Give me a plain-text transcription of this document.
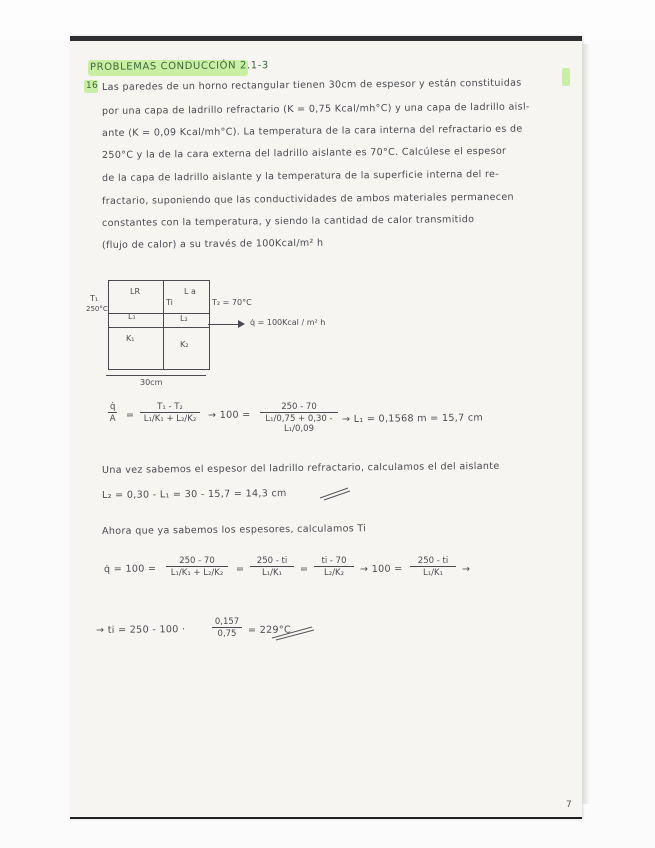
PROBLEMAS CONDUCCIÓN 2.1-3
16 Las paredes de un horno rectangular tienen 30cm de espesor y están constituidas
por una capa de ladrillo refractario (K = 0,75 Kcal/mh°C) y una capa de ladrillo aisl-
ante (K = 0,09 Kcal/mh°C). La temperatura de la cara interna del refractario es de
250°C y la de la cara externa del ladrillo aislante es 70°C. Calcúlese el espesor
de la capa de ladrillo aislante y la temperatura de la superficie interna del re-
fractario, suponiendo que las conductividades de ambos materiales permanecen
constantes con la temperatura, y siendo la cantidad de calor transmitido
(flujo de calor) a su través de 100Kcal/m² h
LR	L a
T₁
250°C
Ti	T₂ = 70°C
L₁	L₂
K₁
K₂
q̇ = 100Kcal / m² h
30cm
$\frac{q̇}{A} = \frac{\text{T₁ - T₂}}{\text{L₁/K₁ + L₂/K₂}} \to 100 = \frac{250 - 70}{\text{L₁/0,75 + 0,30 - L₁/0,09}} \to L_1 = 0,1568$ m = 15,7 cm
Una vez sabemos el espesor del ladrillo refractario, calculamos el del aislante
L₂ = 0,30 - L₁ = 30 - 15,7 = 14,3 cm
Ahora que ya sabemos los espesores, calculamos Ti
q̇ = $100 = \frac{250 - 70}{\text{L₁/K₁ + L₂/K₂}} = \frac{250 - ti}{\text{L₁/K₁}} = \frac{ti - 70}{\text{L₂/K₂}} \to 100 = \frac{250 - ti}{\text{L₁/K₁}}$ →
→ ti = 250 - 100 ·	$\frac{0,157}{0,75} = 229^\circ C$
7
